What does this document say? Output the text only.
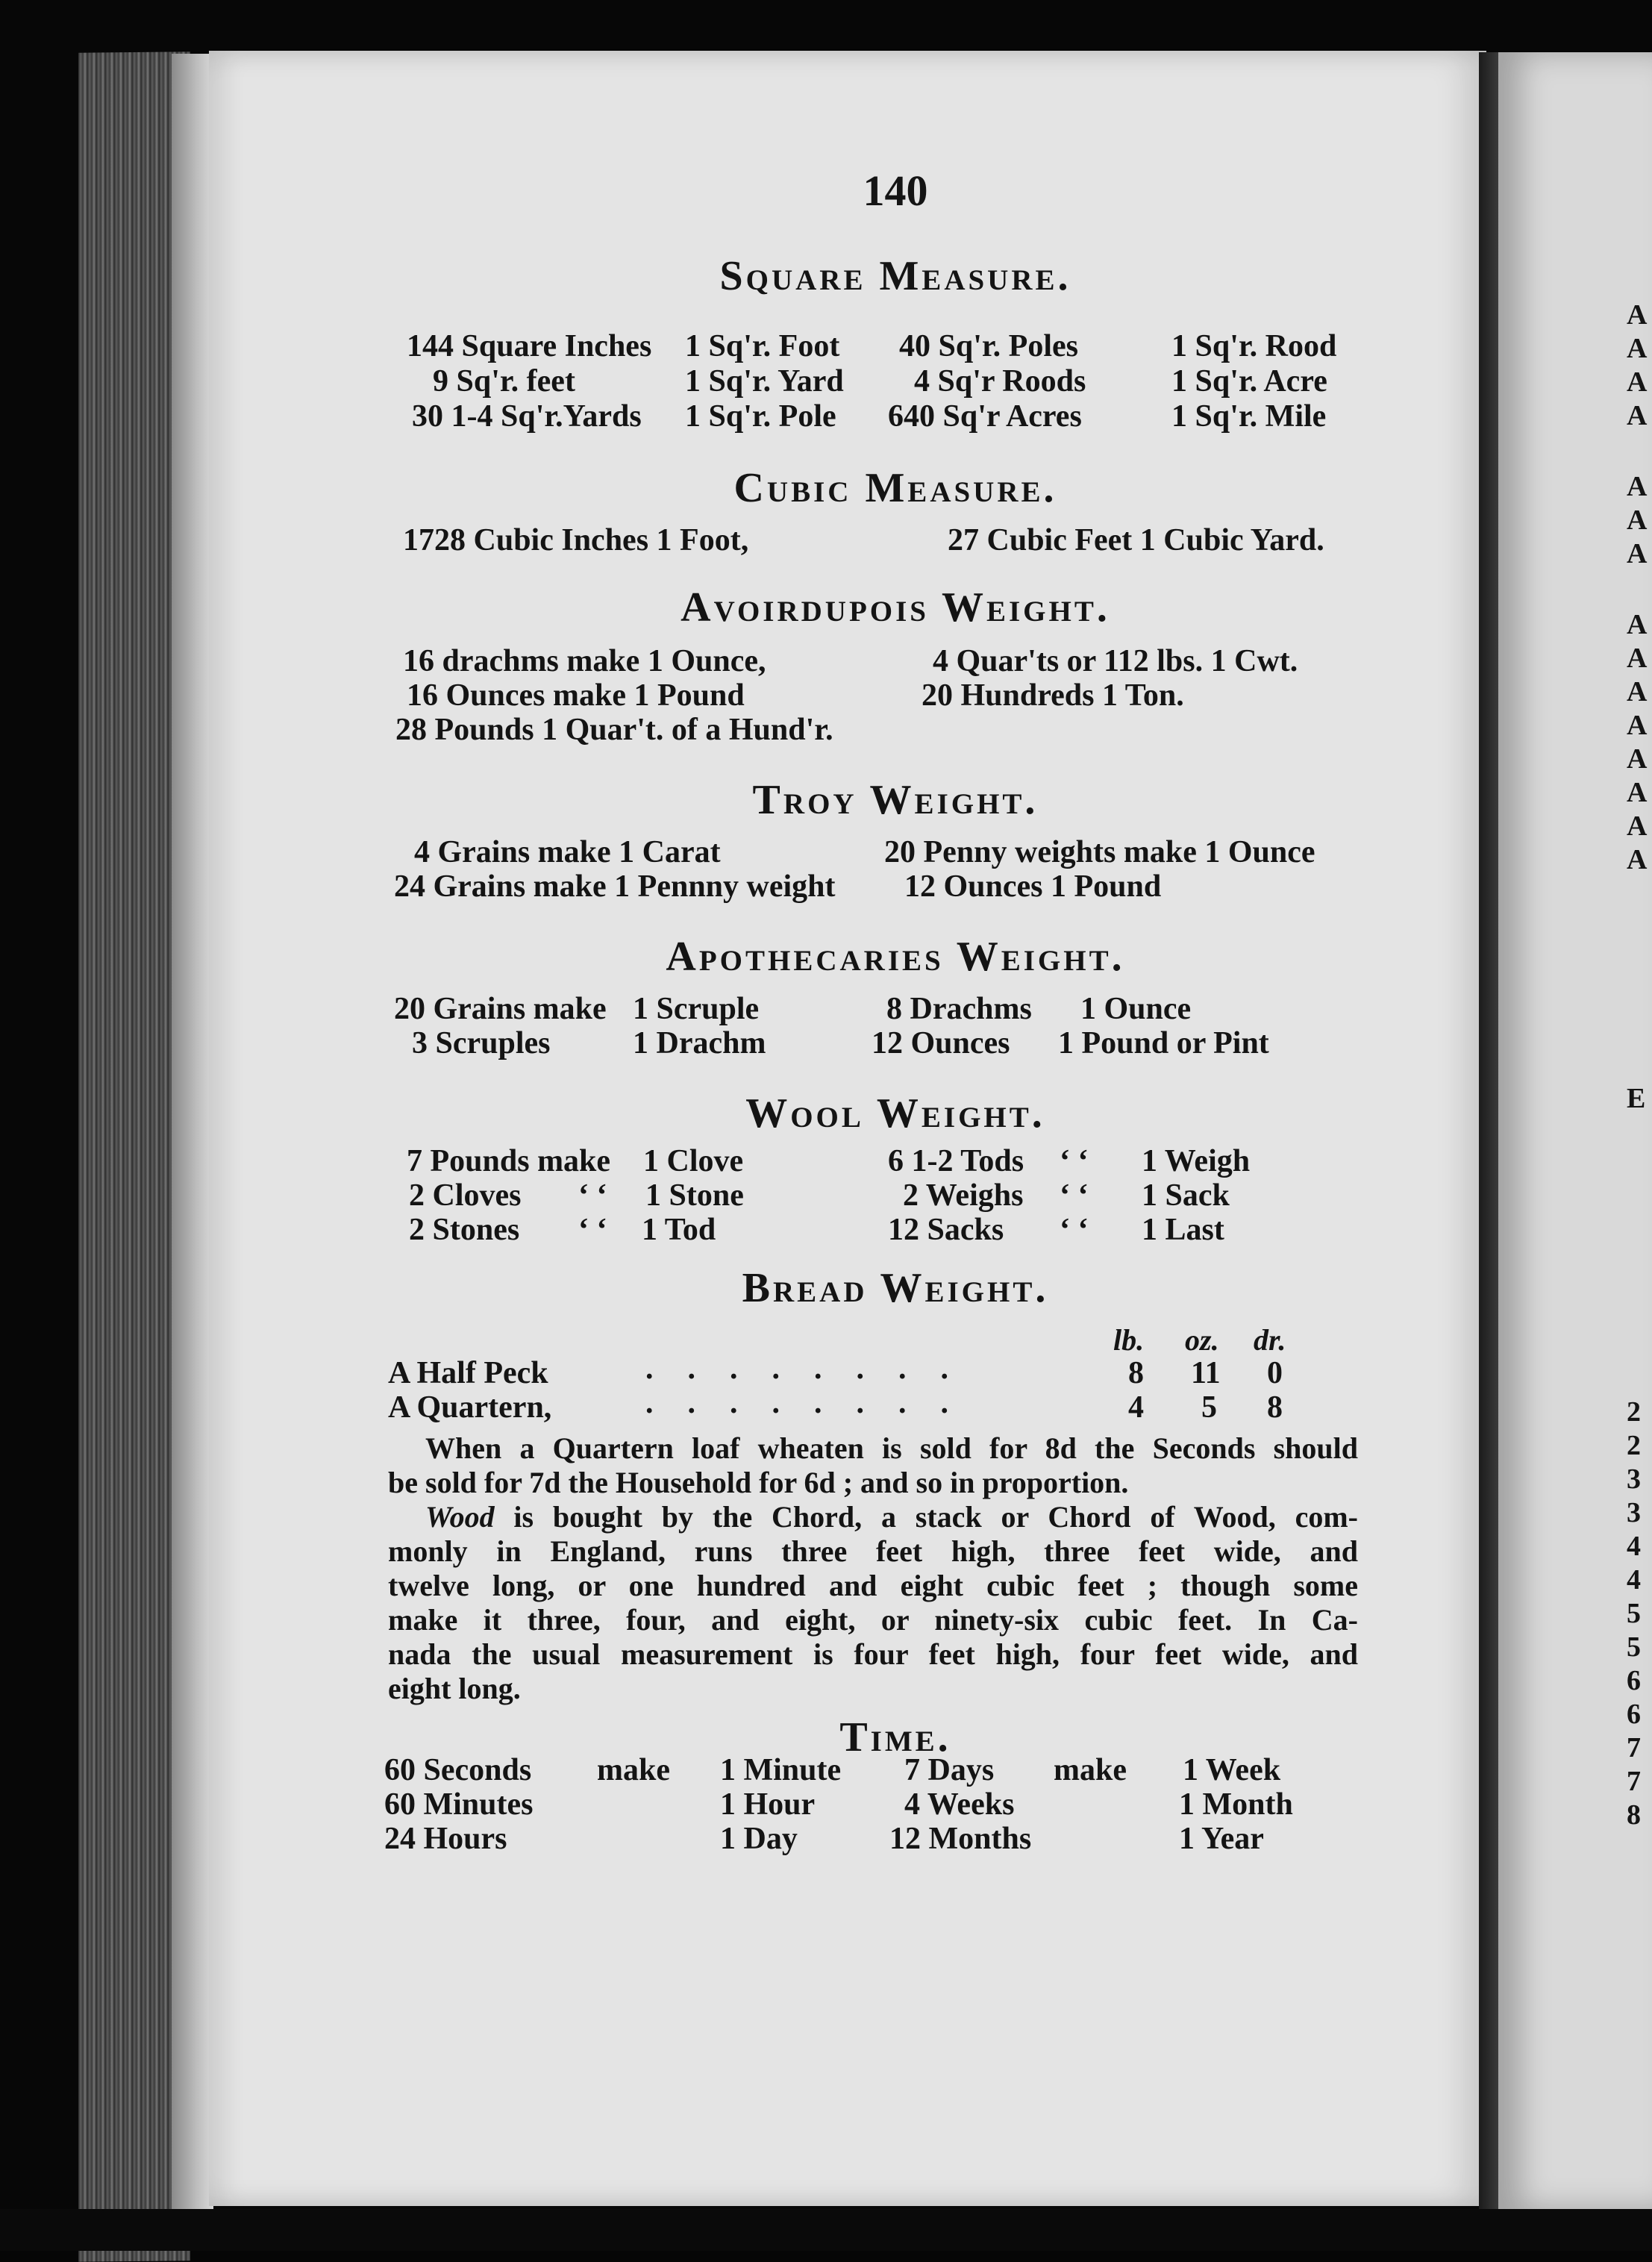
140
Square Measure.
144 Square Inches 1 Sq'r. Foot 40 Sq'r. Poles	1 Sq'r. Rood
9 Sq'r. feet	1 Sq'r. Yard 4 Sq'r Roods	1 Sq'r. Acre
30 1-4 Sq'r.Yards 1 Sq'r. Pole 640 Sq'r Acres	1 Sq'r. Mile
Cubic Measure.
1728 Cubic Inches 1 Foot,	27 Cubic Feet 1 Cubic Yard.
Avoirdupois Weight.
16 drachms make 1 Ounce,	4 Quar'ts or 112 lbs. 1 Cwt.
16 Ounces make 1 Pound	20 Hundreds 1 Ton.
28 Pounds 1 Quar't. of a Hund'r.
Troy Weight.
4 Grains make 1 Carat	20 Penny weights make 1 Ounce
24 Grains make 1 Pennny weight 12 Ounces 1 Pound
Apothecaries Weight.
20 Grains make 1 Scruple	8 Drachms 1 Ounce
3 Scruples	1 Drachm	12 Ounces 1 Pound or Pint
Wool Weight.
7 Pounds make 1 Clove	6 1-2 Tods ‘ ‘ 1 Weigh
2 Cloves ‘ ‘ 1 Stone	2 Weighs ‘ ‘ 1 Sack
2 Stones ‘ ‘ 1 Tod	12 Sacks ‘ ‘ 1 Last
Bread Weight.
lb. oz. dr.
A Half Peck	........	8 11 0
A Quartern,	........	4 5 8
When a Quartern loaf wheaten is sold for 8d the Seconds should
be sold for 7d the Household for 6d ; and so in proportion.
Wood is bought by the Chord, a stack or Chord of Wood, com-
monly in England, runs three feet high, three feet wide, and
twelve long, or one hundred and eight cubic feet ; though some
make it three, four, and eight, or ninety-six cubic feet. In Ca-
nada the usual measurement is four feet high, four feet wide, and
eight long.
Time.
60 Seconds make 1 Minute 7 Days make 1 Week
60 Minutes	1 Hour	4 Weeks	1 Month
24 Hours	1 Day	12 Months	1 Year
A
A
A
A
A
A
A
A
A
A
A
A
A
A
A
E
2
2
3
3
4
4
5
5
6
6
7
7
8
